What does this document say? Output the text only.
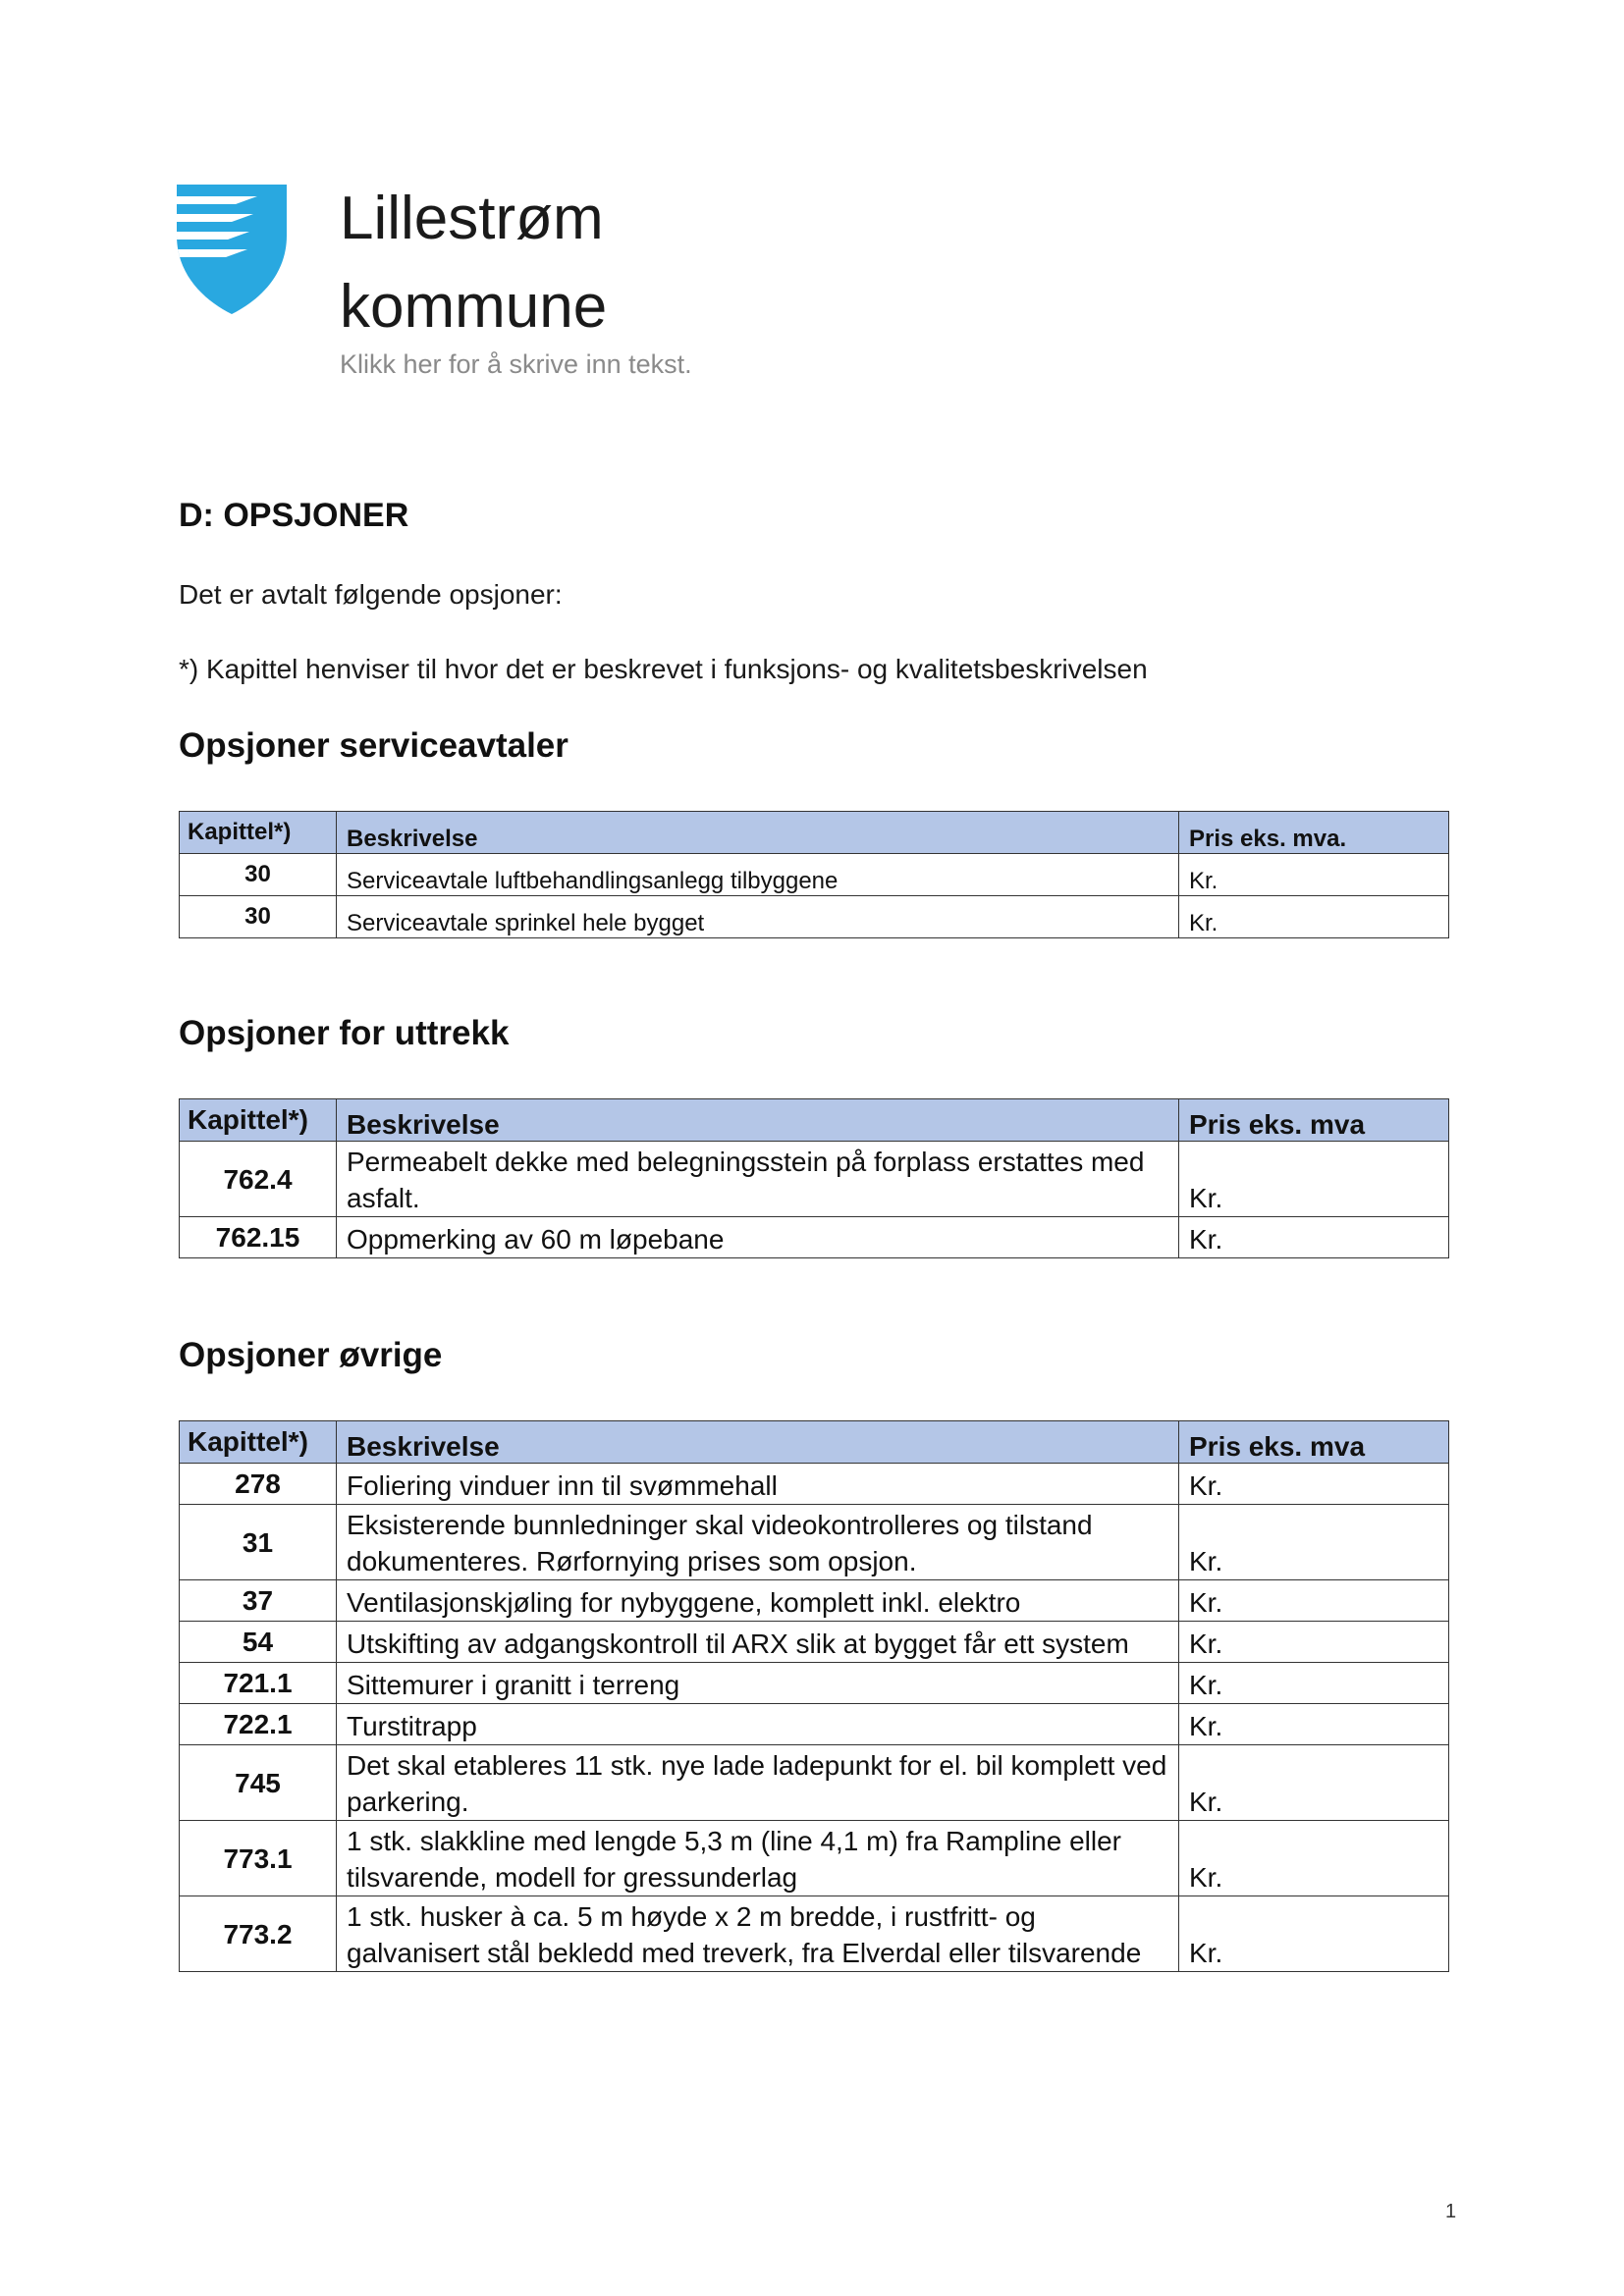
Lillestrøm
kommune
Klikk her for å skrive inn tekst.
D: OPSJONER
Det er avtalt følgende opsjoner:
*) Kapittel henviser til hvor det er beskrevet i funksjons- og kvalitetsbeskrivelsen
Opsjoner serviceavtaler
Kapittel*)	Beskrivelse	Pris eks. mva.
30	Serviceavtale luftbehandlingsanlegg tilbyggene	Kr.
30	Serviceavtale sprinkel hele bygget	Kr.
Opsjoner for uttrekk
Kapittel*)	Beskrivelse	Pris eks. mva
762.4	Permeabelt dekke med belegningsstein på forplass erstattes med asfalt.	Kr.
762.15	Oppmerking av 60 m løpebane	Kr.
Opsjoner øvrige
Kapittel*)	Beskrivelse	Pris eks. mva
278	Foliering vinduer inn til svømmehall	Kr.
31	Eksisterende bunnledninger skal videokontrolleres og tilstand dokumenteres. Rørfornying prises som opsjon.	Kr.
37	Ventilasjonskjøling for nybyggene, komplett inkl. elektro	Kr.
54	Utskifting av adgangskontroll til ARX slik at bygget får ett system	Kr.
721.1	Sittemurer i granitt i terreng	Kr.
722.1	Turstitrapp	Kr.
745	Det skal etableres 11 stk. nye lade ladepunkt for el. bil komplett ved parkering.	Kr.
773.1	1 stk. slakkline med lengde 5,3 m (line 4,1 m) fra Rampline eller tilsvarende, modell for gressunderlag	Kr.
773.2	1 stk. husker à ca. 5 m høyde x 2 m bredde, i rustfritt- og galvanisert stål bekledd med treverk, fra Elverdal eller tilsvarende	Kr.
1
